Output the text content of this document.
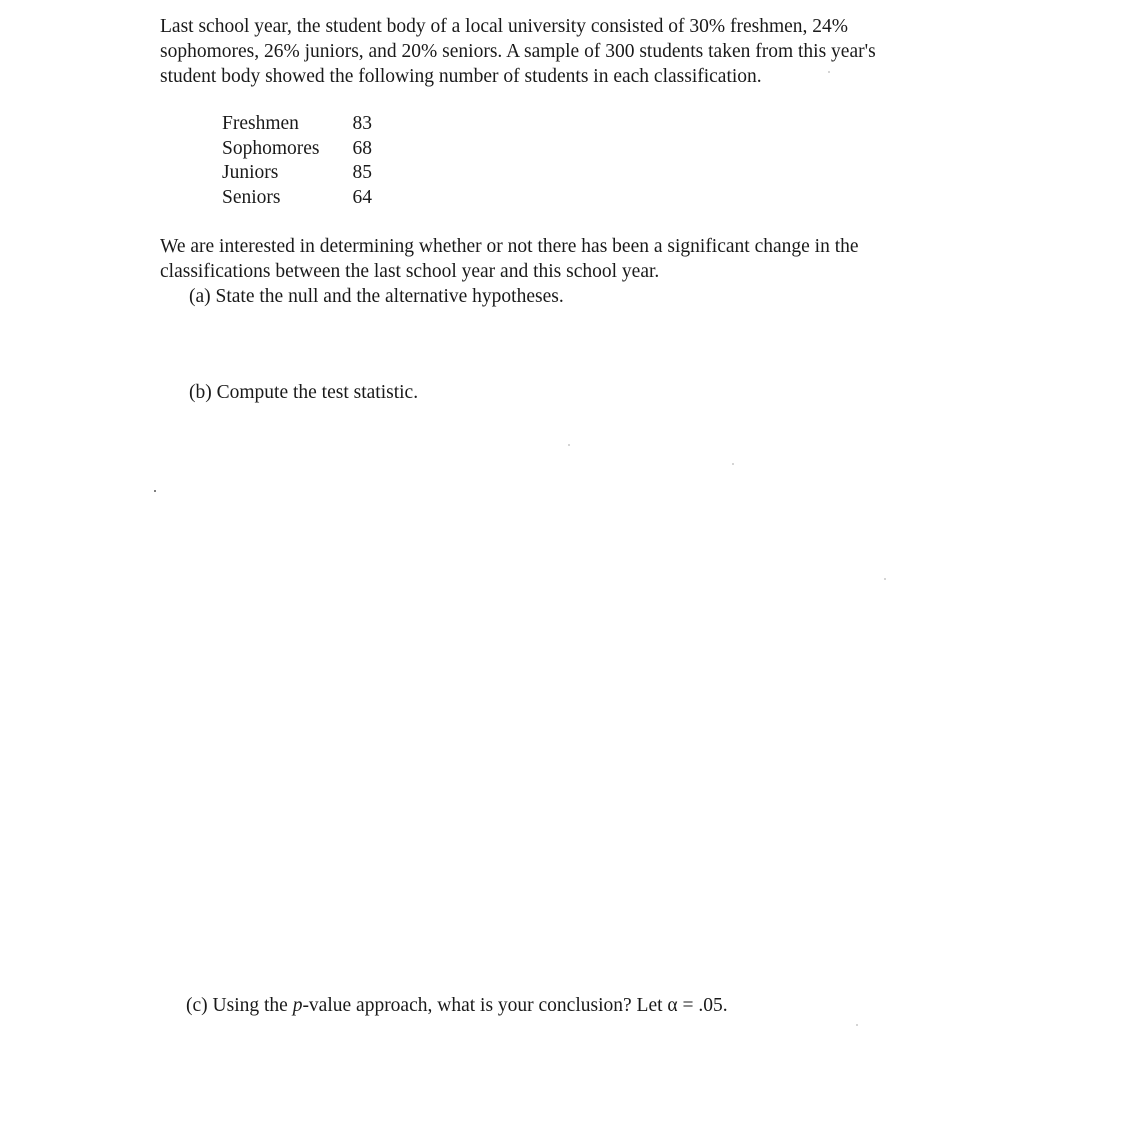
Last school year, the student body of a local university consisted of 30% freshmen, 24%
sophomores, 26% juniors, and 20% seniors. A sample of 300 students taken from this year's
student body showed the following number of students in each classification.

Freshmen	83
Sophomores	68
Juniors	85
Seniors	64

We are interested in determining whether or not there has been a significant change in the
classifications between the last school year and this school year.

(a) State the null and the alternative hypotheses.

(b) Compute the test statistic.

(c) Using the p-value approach, what is your conclusion? Let α = .05.
